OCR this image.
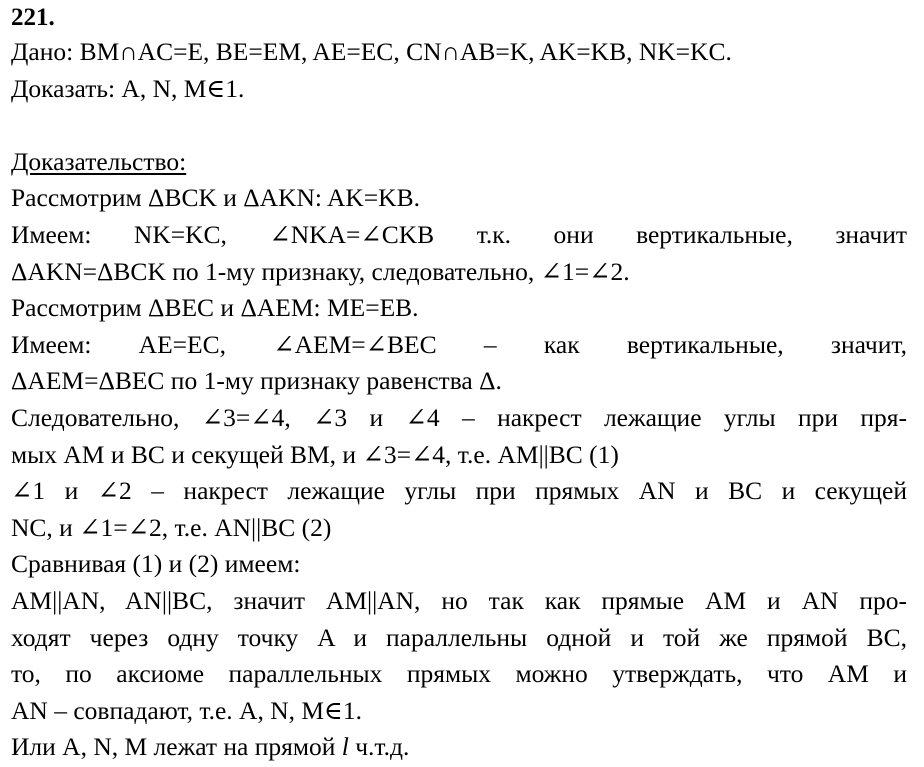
221.
Дано: BM∩AC=E, BE=EM, AE=EC, CN∩AB=K, AK=KB, NK=KC.
Доказать: A, N, M∈1.
Доказательство:
Рассмотрим ΔBCK и ΔAKN: AK=KB.
Имеем: NK=KC, ∠NKA=∠CKB т.к. они вертикальные, значит
ΔAKN=ΔBCK по 1-му признаку, следовательно, ∠1=∠2.
Рассмотрим ΔBEC и ΔAEM: ME=EB.
Имеем: AE=EC, ∠AEM=∠BEC – как вертикальные, значит,
ΔAEM=ΔBEC по 1-му признаку равенства Δ.
Следовательно, ∠3=∠4, ∠3 и ∠4 – накрест лежащие углы при пря-
мых AM и BC и секущей BM, и ∠3=∠4, т.е. AM||BC (1)
∠1 и ∠2 – накрест лежащие углы при прямых AN и BC и секущей
NC, и ∠1=∠2, т.е. AN||BC (2)
Сравнивая (1) и (2) имеем:
AM||AN, AN||BC, значит AM||AN, но так как прямые AM и AN про-
ходят через одну точку A и параллельны одной и той же прямой BC,
то, по аксиоме параллельных прямых можно утверждать, что AM и
AN – совпадают, т.е. A, N, M∈1.
Или A, N, M лежат на прямой l ч.т.д.
